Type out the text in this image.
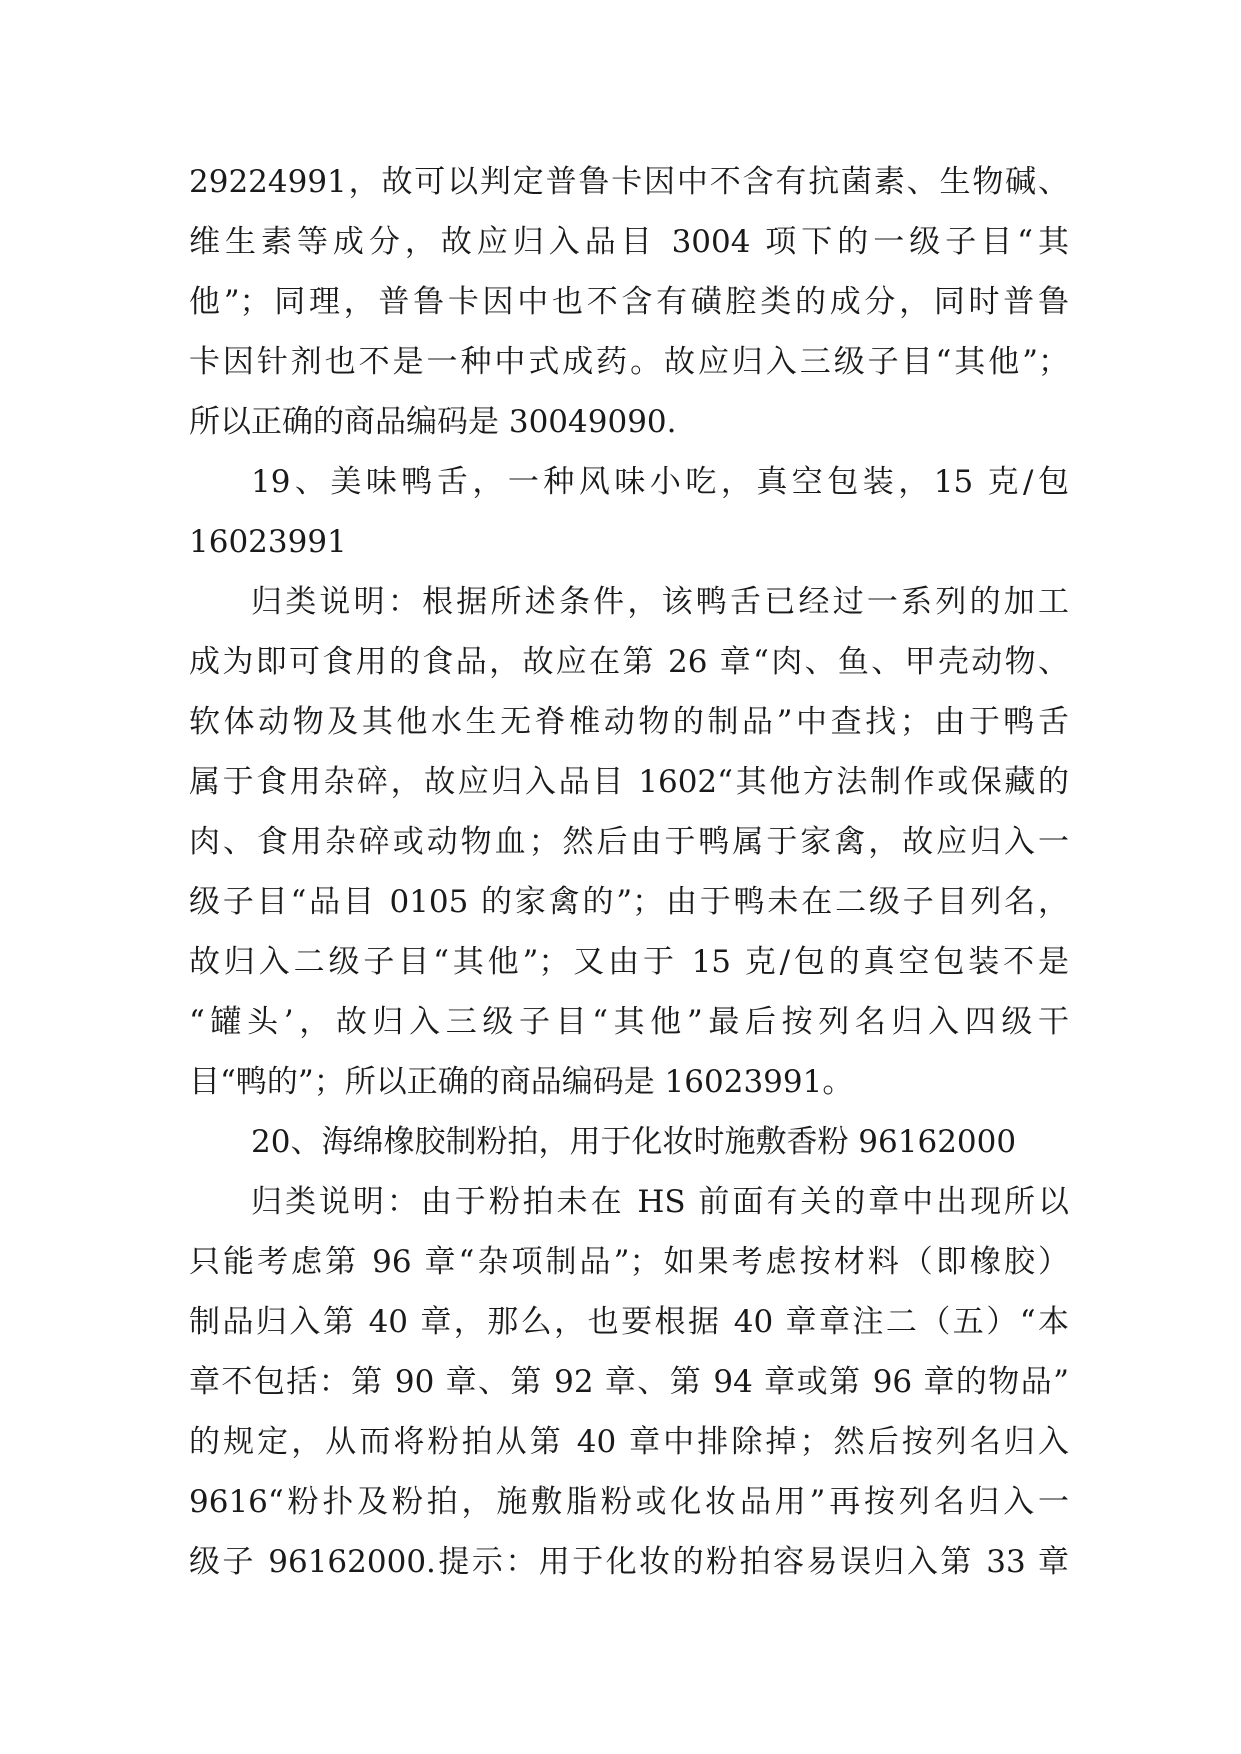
29224991，故可以判定普鲁卡因中不含有抗菌素、生物碱、
维生素等成分，故应归入品目 3004 项下的一级子目“其
他”；同理，普鲁卡因中也不含有磺腔类的成分，同时普鲁
卡因针剂也不是一种中式成药。故应归入三级子目“其他”；
所以正确的商品编码是 30049090.
19、美味鸭舌，一种风味小吃，真空包装，15 克/包
16023991
归类说明：根据所述条件，该鸭舌已经过一系列的加工
成为即可食用的食品，故应在第 26 章“肉、鱼、甲壳动物、
软体动物及其他水生无脊椎动物的制品”中查找；由于鸭舌
属于食用杂碎，故应归入品目 1602“其他方法制作或保藏的
肉、食用杂碎或动物血；然后由于鸭属于家禽，故应归入一
级子目“品目 0105 的家禽的”；由于鸭未在二级子目列名，
故归入二级子目“其他”；又由于 15 克/包的真空包装不是
“罐头’，故归入三级子目“其他”最后按列名归入四级干
目“鸭的”；所以正确的商品编码是 16023991。
20、海绵橡胶制粉拍，用于化妆时施敷香粉 96162000
归类说明：由于粉拍未在 HS 前面有关的章中出现所以
只能考虑第 96 章“杂项制品”；如果考虑按材料（即橡胶）
制品归入第 40 章，那么，也要根据 40 章章注二（五）“本
章不包括：第 90 章、第 92 章、第 94 章或第 96 章的物品”
的规定，从而将粉拍从第 40 章中排除掉；然后按列名归入
9616“粉扑及粉拍，施敷脂粉或化妆品用”再按列名归入一
级子 96162000.提示：用于化妆的粉拍容易误归入第 33 章
